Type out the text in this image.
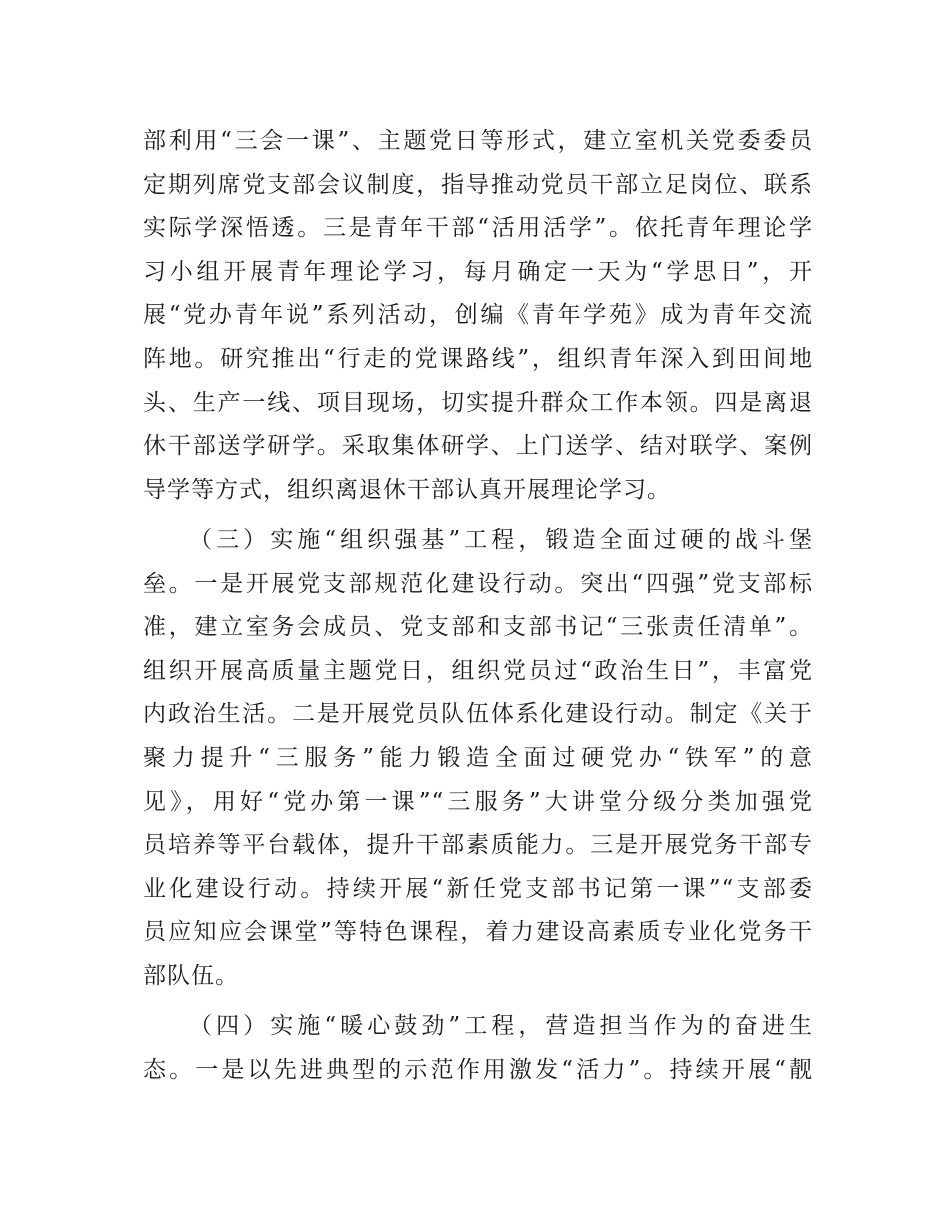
部利用“三会一课”、主题党日等形式，建立室机关党委委员
定期列席党支部会议制度，指导推动党员干部立足岗位、联系
实际学深悟透。三是青年干部“活用活学”。依托青年理论学
习小组开展青年理论学习，每月确定一天为“学思日”，开
展“党办青年说”系列活动，创编《青年学苑》成为青年交流
阵地。研究推出“行走的党课路线”，组织青年深入到田间地
头、生产一线、项目现场，切实提升群众工作本领。四是离退
休干部送学研学。采取集体研学、上门送学、结对联学、案例
导学等方式，组织离退休干部认真开展理论学习。
（三）实施“组织强基”工程，锻造全面过硬的战斗堡
垒。一是开展党支部规范化建设行动。突出“四强”党支部标
准，建立室务会成员、党支部和支部书记“三张责任清单”。
组织开展高质量主题党日，组织党员过“政治生日”，丰富党
内政治生活。二是开展党员队伍体系化建设行动。制定《关于
聚力提升“三服务”能力锻造全面过硬党办“铁军”的意
见》，用好“党办第一课”“三服务”大讲堂分级分类加强党
员培养等平台载体，提升干部素质能力。三是开展党务干部专
业化建设行动。持续开展“新任党支部书记第一课”“支部委
员应知应会课堂”等特色课程，着力建设高素质专业化党务干
部队伍。
（四）实施“暖心鼓劲”工程，营造担当作为的奋进生
态。一是以先进典型的示范作用激发“活力”。持续开展“靓
